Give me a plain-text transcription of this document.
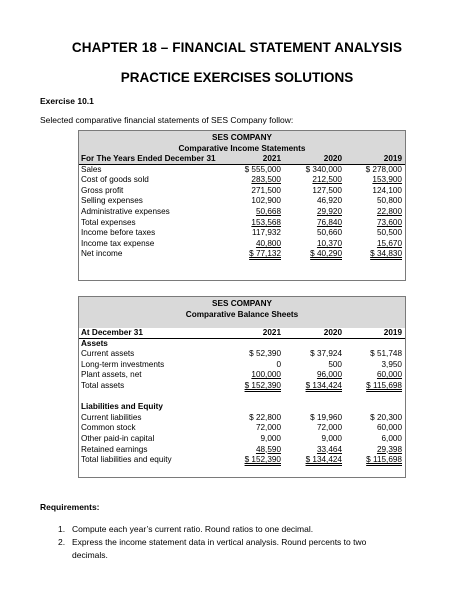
CHAPTER 18 – FINANCIAL STATEMENT ANALYSIS
PRACTICE EXERCISES SOLUTIONS
Exercise 10.1
Selected comparative financial statements of SES Company follow:
SES COMPANY
Comparative Income Statements
For The Years Ended December 31	2021	2020	2019
Sales	$ 555,000	$ 340,000	$ 278,000
Cost of goods sold	283,500	212,500	153,900
Gross profit	271,500	127,500	124,100
Selling expenses	102,900	46,920	50,800
Administrative expenses	50,668	29,920	22,800
Total expenses	153,568	76,840	73,600
Income before taxes	117,932	50,660	50,500
Income tax expense	40,800	10,370	15,670
Net income	$ 77,132	$ 40,290	$ 34,830
SES COMPANY
Comparative Balance Sheets
At December 31	2021	2020	2019
Assets
Current assets	$ 52,390	$ 37,924	$ 51,748
Long-term investments	0	500	3,950
Plant assets, net	100,000	96,000	60,000
Total assets	$ 152,390	$ 134,424	$ 115,698
Liabilities and Equity
Current liabilities	$ 22,800	$ 19,960	$ 20,300
Common stock	72,000	72,000	60,000
Other paid-in capital	9,000	9,000	6,000
Retained earnings	48,590	33,464	29,398
Total liabilities and equity	$ 152,390	$ 134,424	$ 115,698
Requirements:
1. Compute each year’s current ratio. Round ratios to one decimal.
2. Express the income statement data in vertical analysis. Round percents to two decimals.
